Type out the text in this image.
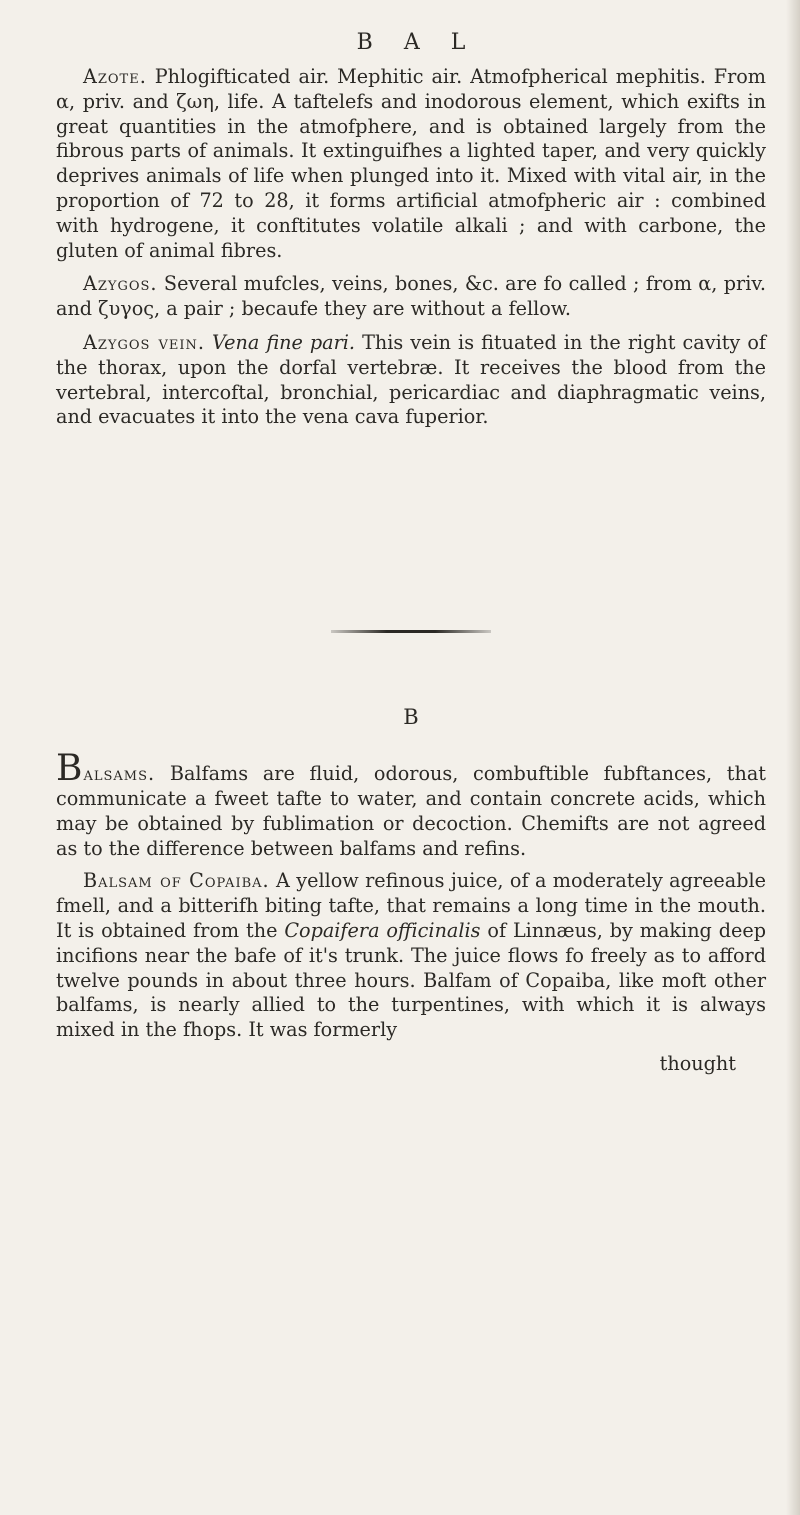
B A L

Azote. Phlogifticated air. Mephitic air. Atmofpherical mephitis. From α, priv. and ζωη, life. A taftelefs and inodorous element, which exifts in great quantities in the atmofphere, and is obtained largely from the fibrous parts of animals. It extinguifhes a lighted taper, and very quickly deprives animals of life when plunged into it. Mixed with vital air, in the proportion of 72 to 28, it forms artificial atmofpheric air : combined with hydrogene, it conftitutes volatile alkali ; and with carbone, the gluten of animal fibres.

Azygos. Several mufcles, veins, bones, &c. are fo called ; from α, priv. and ζυγος, a pair ; becaufe they are without a fellow.

Azygos vein. Vena fine pari. This vein is fituated in the right cavity of the thorax, upon the dorfal vertebræ. It receives the blood from the vertebral, intercoftal, bronchial, pericardiac and diaphragmatic veins, and evacuates it into the vena cava fuperior.

B

Balsams. Balfams are fluid, odorous, combuftible fubftances, that communicate a fweet tafte to water, and contain concrete acids, which may be obtained by fublimation or decoction. Chemifts are not agreed as to the difference between balfams and refins.

Balsam of Copaiba. A yellow refinous juice, of a moderately agreeable fmell, and a bitterifh biting tafte, that remains a long time in the mouth. It is obtained from the Copaifera officinalis of Linnæus, by making deep incifions near the bafe of it's trunk. The juice flows fo freely as to afford twelve pounds in about three hours. Balfam of Copaiba, like moft other balfams, is nearly allied to the turpentines, with which it is always mixed in the fhops. It was formerly

thought
